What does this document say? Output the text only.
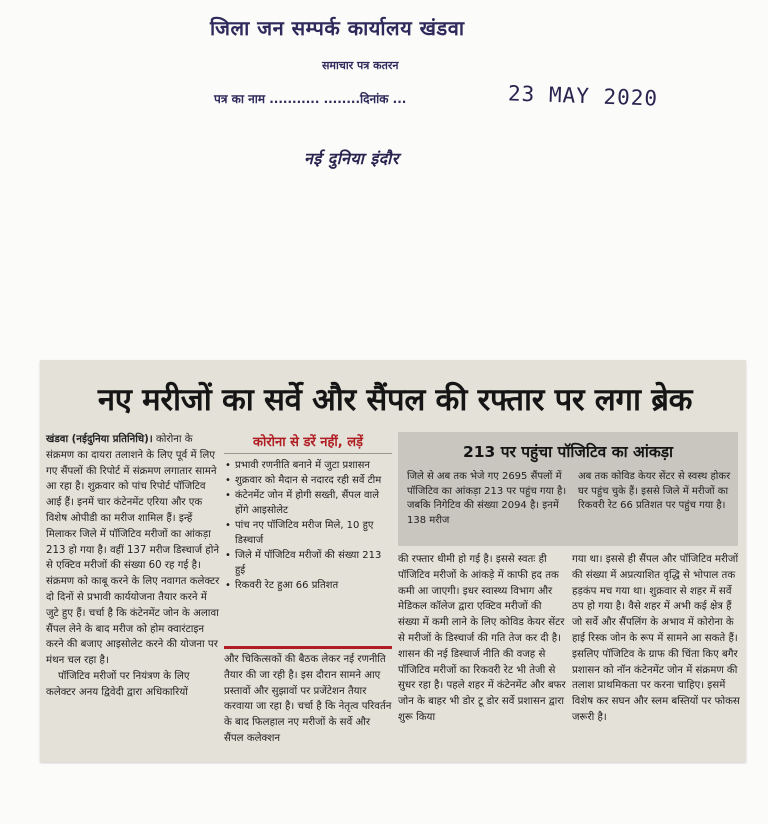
जिला जन सम्पर्क कार्यालय खंडवा
समाचार पत्र कतरन
पत्र का नाम ........... ........दिनांक ...	23 MAY 2020
नई दुनिया इंदौर
नए मरीजों का सर्वे और सैंपल की रफ्तार पर लगा ब्रेक

खंडवा (नईदुनिया प्रतिनिधि)। कोरोना के संक्रमण का दायरा तलाशने के लिए पूर्व में लिए गए सैंपलों की रिपोर्ट में संक्रमण लगातार सामने आ रहा है। शुक्रवार को पांच रिपोर्ट पॉजिटिव आई हैं। इनमें चार कंटेनमेंट एरिया और एक विशेष ओपीडी का मरीज शामिल हैं। इन्हें मिलाकर जिले में पॉजिटिव मरीजों का आंकड़ा 213 हो गया है। वहीं 137 मरीज डिस्चार्ज होने से एक्टिव मरीजों की संख्या 60 रह गई है। संक्रमण को काबू करने के लिए नवागत कलेक्टर दो दिनों से प्रभावी कार्ययोजना तैयार करने में जुटे हुए हैं। चर्चा है कि कंटेनमेंट जोन के अलावा सैंपल लेने के बाद मरीज को होम क्वारंटाइन करने की बजाए आइसोलेट करने की योजना पर मंथन चल रहा है।

पॉजिटिव मरीजों पर नियंत्रण के लिए कलेक्टर अनय द्विवेदी द्वारा अधिकारियों

कोरोना से डरें नहीं, लड़ें
• प्रभावी रणनीति बनाने में जुटा प्रशासन
• शुक्रवार को मैदान से नदारद रही सर्वे टीम
• कंटेनमेंट जोन में होगी सख्ती, सैंपल वाले होंगे आइसोलेट
• पांच नए पॉजिटिव मरीज मिले, 10 हुए डिस्चार्ज
• जिले में पॉजिटिव मरीजों की संख्या 213 हुई
• रिकवरी रेट हुआ 66 प्रतिशत
और चिकित्सकों की बैठक लेकर नई रणनीति तैयार की जा रही है। इस दौरान सामने आए प्रस्तावों और सुझावों पर प्रजेंटेशन तैयार करवाया जा रहा है। चर्चा है कि नेतृत्व परिवर्तन के बाद फिलहाल नए मरीजों के सर्वे और सैंपल कलेक्शन
213 पर पहुंचा पॉजिटिव का आंकड़ा
जिले से अब तक भेजे गए 2695 सैंपलों में पॉजिटिव का आंकड़ा 213 पर पहुंच गया है। जबकि निगेटिव की संख्या 2094 है। इनमें 138 मरीज
अब तक कोविड केयर सेंटर से स्वस्थ होकर घर पहुंच चुके हैं। इससे जिले में मरीजों का रिकवरी रेट 66 प्रतिशत पर पहुंच गया है।
की रफ्तार धीमी हो गई है। इससे स्वतः ही पॉजिटिव मरीजों के आंकड़े में काफी हद तक कमी आ जाएगी। इधर स्वास्थ्य विभाग और मेडिकल कॉलेज द्वारा एक्टिव मरीजों की संख्या में कमी लाने के लिए कोविड केयर सेंटर से मरीजों के डिस्चार्ज की गति तेज कर दी है। शासन की नई डिस्चार्ज नीति की वजह से पॉजिटिव मरीजों का रिकवरी रेट भी तेजी से सुधर रहा है। पहले शहर में कंटेनमेंट और बफर जोन के बाहर भी डोर टू डोर सर्वे प्रशासन द्वारा शुरू किया
गया था। इससे ही सैंपल और पॉजिटिव मरीजों की संख्या में अप्रत्याशित वृद्धि से भोपाल तक हड़कंप मच गया था। शुक्रवार से शहर में सर्वे ठप हो गया है। वैसे शहर में अभी कई क्षेत्र हैं जो सर्वे और सैंपलिंग के अभाव में कोरोना के हाई रिस्क जोन के रूप में सामने आ सकते हैं। इसलिए पॉजिटिव के ग्राफ की चिंता किए बगैर प्रशासन को नॉन कंटेनमेंट जोन में संक्रमण की तलाश प्राथमिकता पर करना चाहिए। इसमें विशेष कर सघन और स्लम बस्तियों पर फोकस जरूरी है।
